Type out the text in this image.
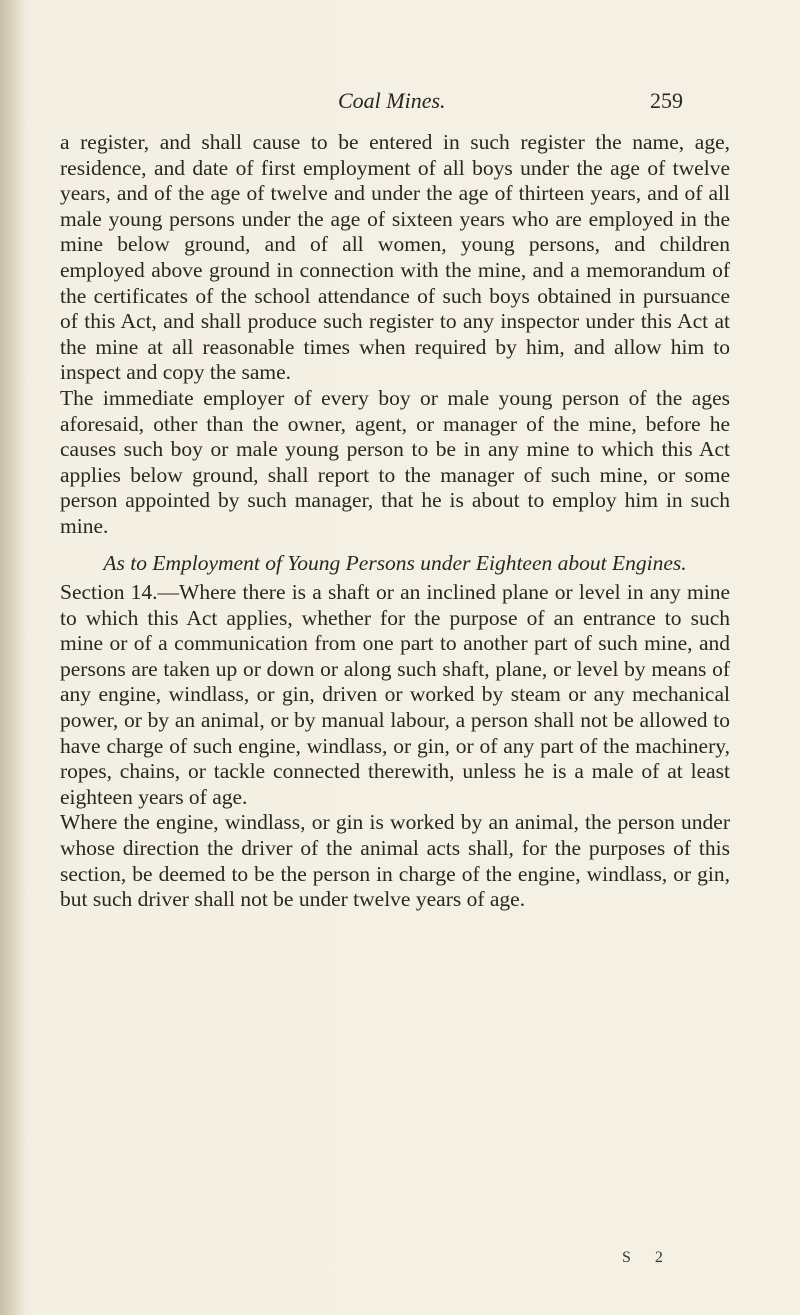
Coal Mines.	259

a register, and shall cause to be entered in such register the name, age, residence, and date of first employment of all boys under the age of twelve years, and of the age of twelve and under the age of thirteen years, and of all male young persons under the age of sixteen years who are employed in the mine below ground, and of all women, young persons, and children employed above ground in connection with the mine, and a memorandum of the certificates of the school attendance of such boys obtained in pursuance of this Act, and shall produce such register to any inspector under this Act at the mine at all reasonable times when required by him, and allow him to inspect and copy the same.

The immediate employer of every boy or male young person of the ages aforesaid, other than the owner, agent, or manager of the mine, before he causes such boy or male young person to be in any mine to which this Act applies below ground, shall report to the manager of such mine, or some person appointed by such manager, that he is about to employ him in such mine.

As to Employment of Young Persons under Eighteen about Engines.

Section 14.—Where there is a shaft or an inclined plane or level in any mine to which this Act applies, whether for the purpose of an entrance to such mine or of a communication from one part to another part of such mine, and persons are taken up or down or along such shaft, plane, or level by means of any engine, windlass, or gin, driven or worked by steam or any mechanical power, or by an animal, or by manual labour, a person shall not be allowed to have charge of such engine, windlass, or gin, or of any part of the machinery, ropes, chains, or tackle connected therewith, unless he is a male of at least eighteen years of age.

Where the engine, windlass, or gin is worked by an animal, the person under whose direction the driver of the animal acts shall, for the purposes of this section, be deemed to be the person in charge of the engine, windlass, or gin, but such driver shall not be under twelve years of age.

S 2
